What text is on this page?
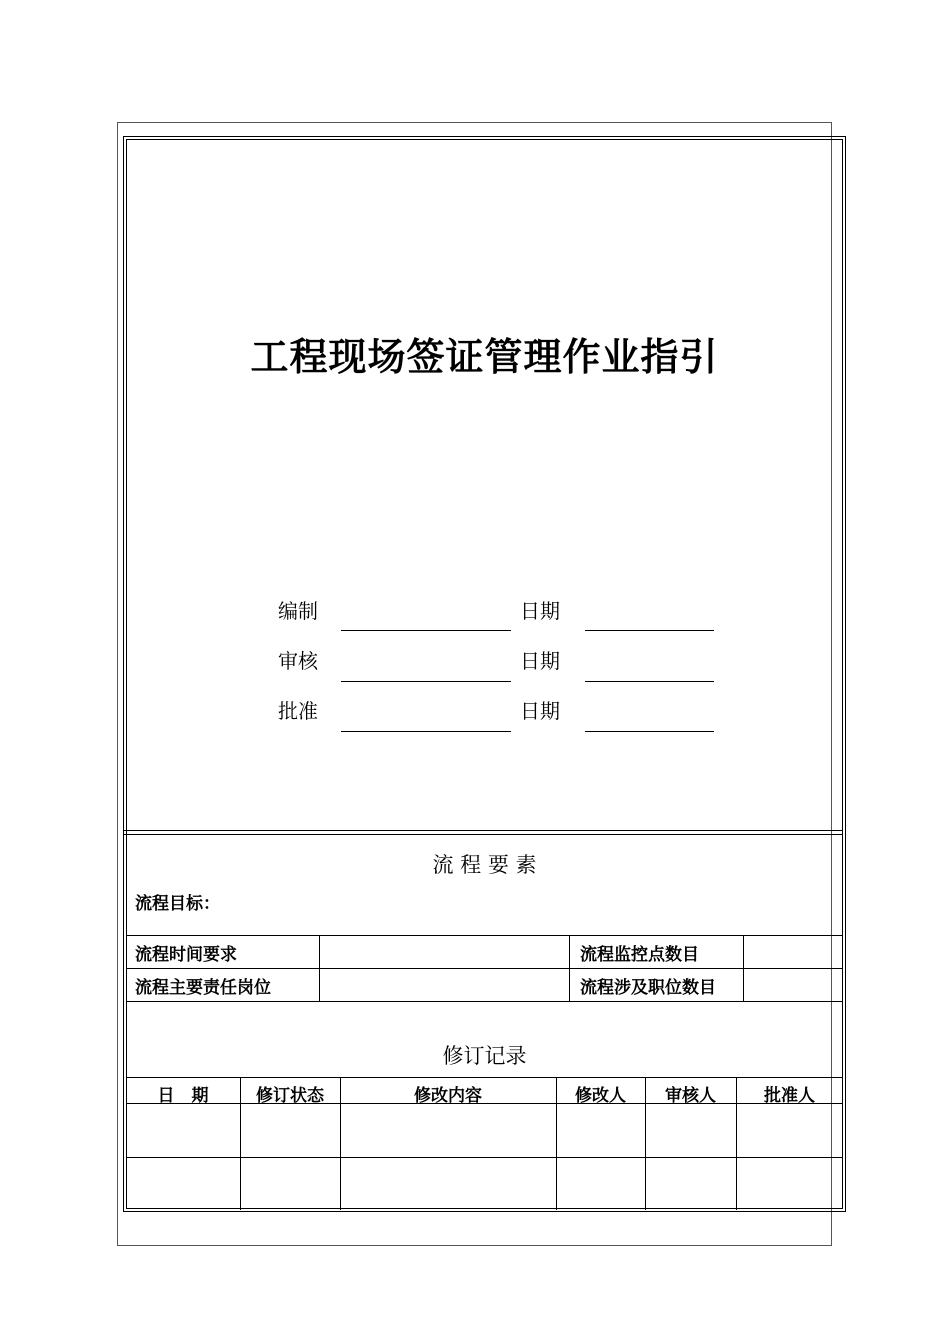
工程现场签证管理作业指引
编制	日期
审核	日期
批准	日期
流 程 要 素
流程目标：
流程时间要求	流程监控点数目
流程主要责任岗位	流程涉及职位数目
修订记录
日　期	修订状态	修改内容	修改人	审核人	批准人
